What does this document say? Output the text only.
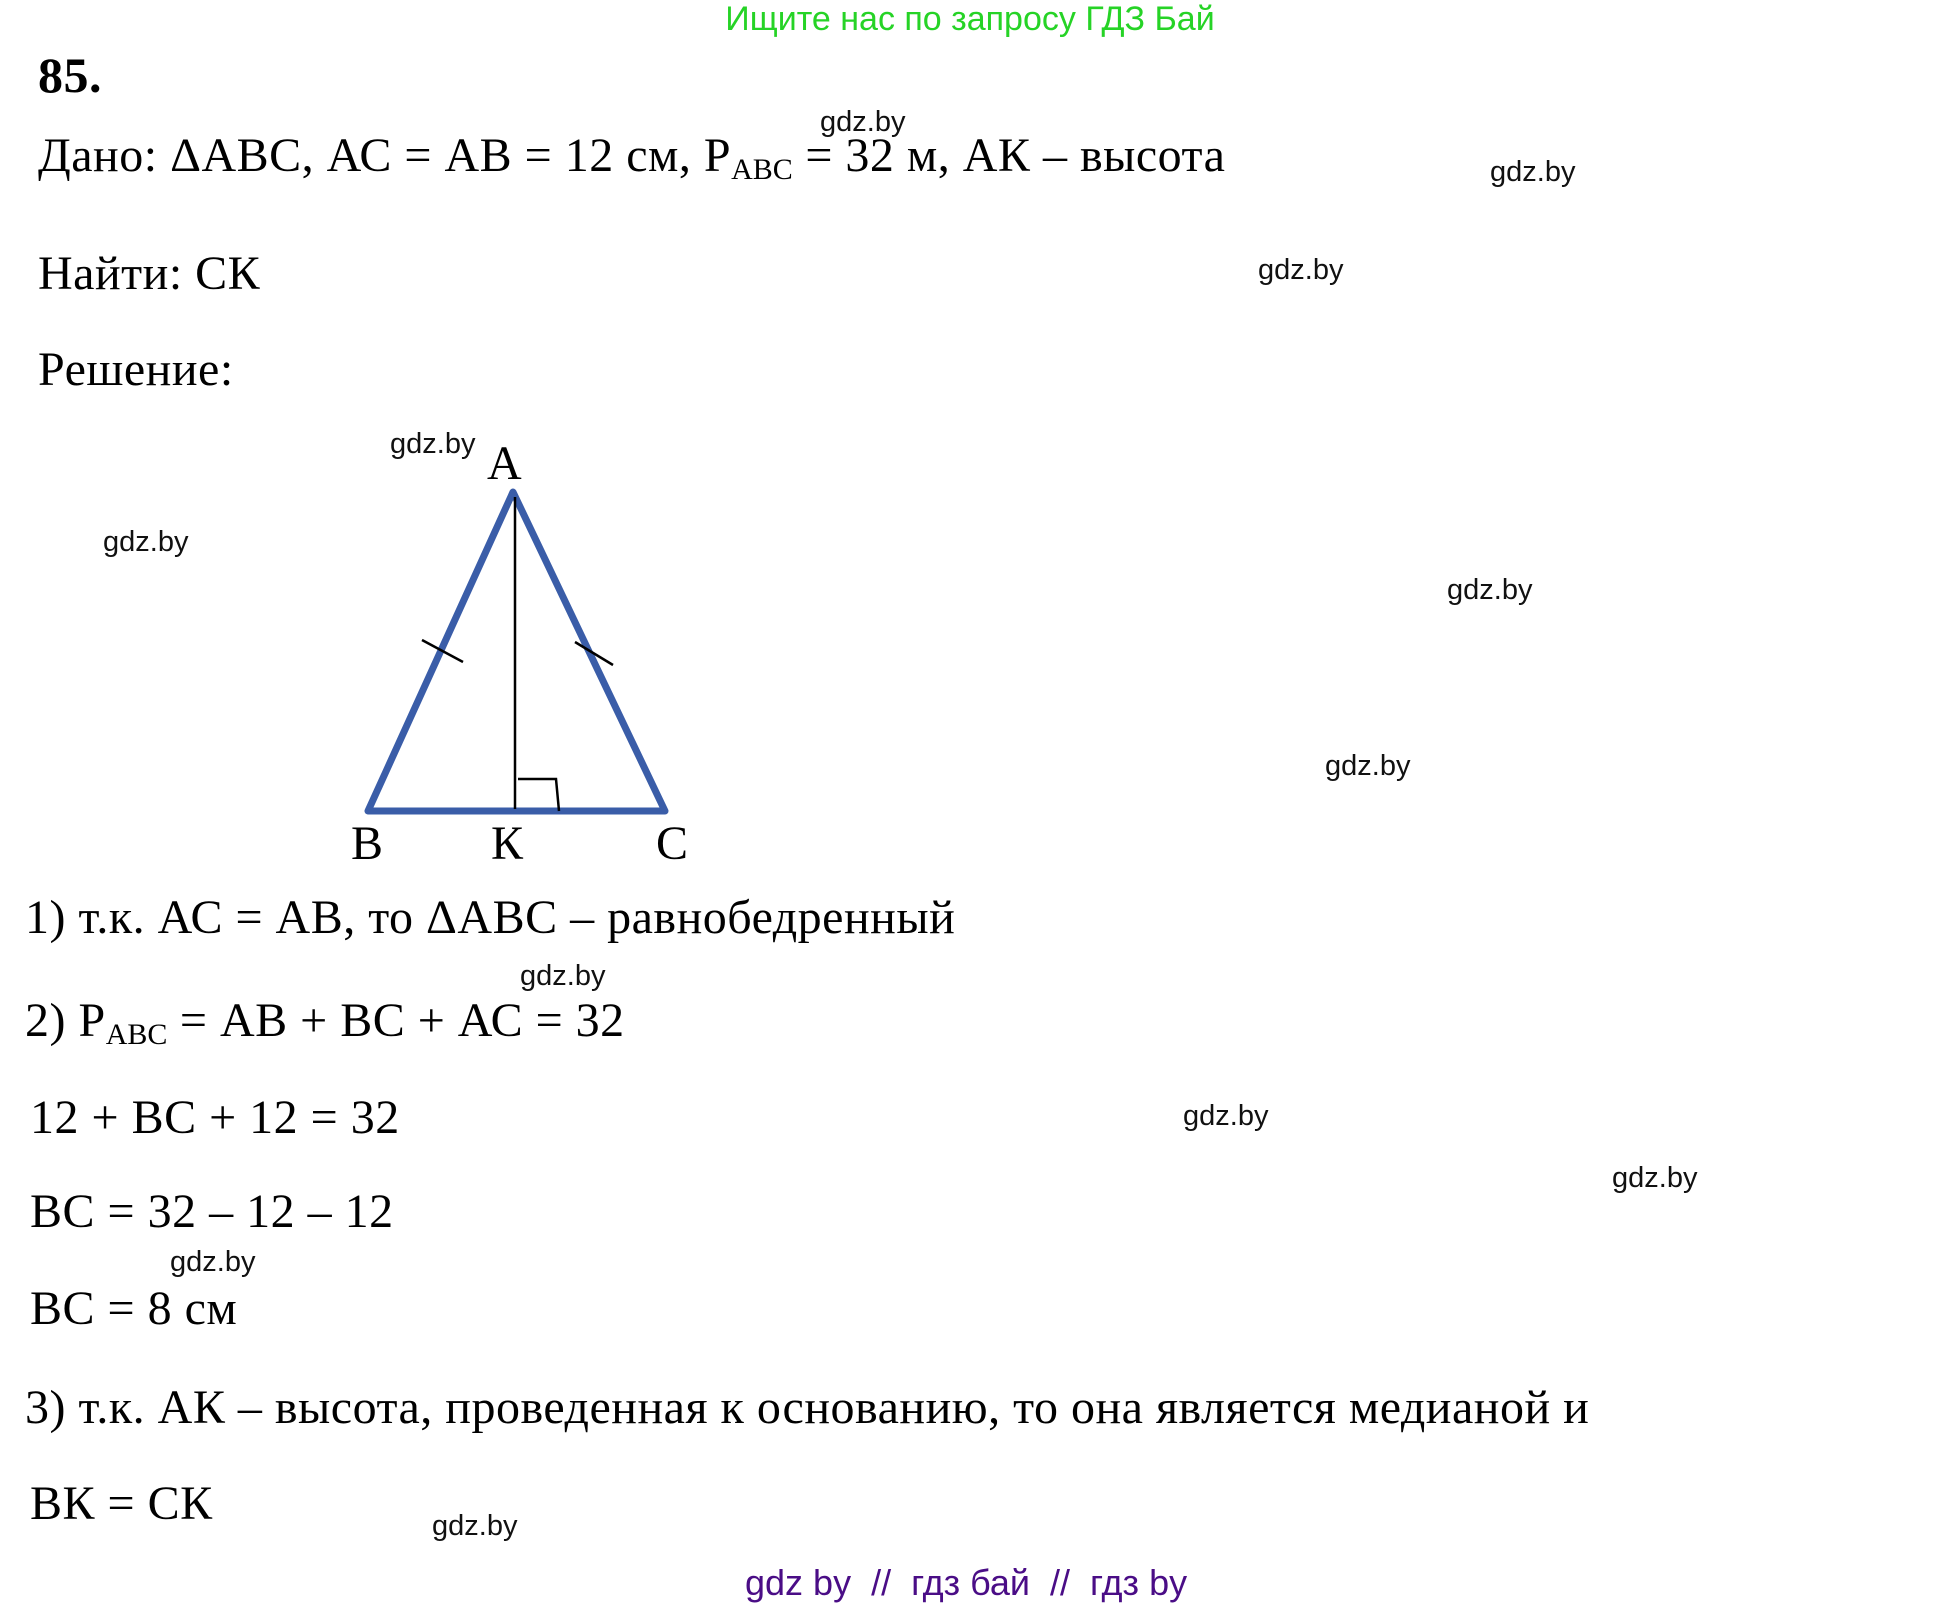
Ищите нас по запросу ГДЗ Бай
85.
Дано: ΔАВС, АС = АВ = 12 см, $Р_{АВС} = 32$ м, АК – высота
Найти: СК
Решение:
А
В К	С
1) т.к. АС = АВ, то ΔАВС – равнобедренный
2) $Р_{АВС}$ = АВ + ВС + АС = 32
12 + ВС + 12 = 32
ВС = 32 – 12 – 12
ВС = 8 см
3) т.к. АК – высота, проведенная к основанию, то она является медианой и
ВК = СК
gdz.by
gdz.by
gdz.by
gdz.by
gdz.by
gdz.by
gdz.by
gdz.by
gdz.by
gdz.by
gdz.by
gdz.by
gdz by  //  гдз бай  //  гдз by
